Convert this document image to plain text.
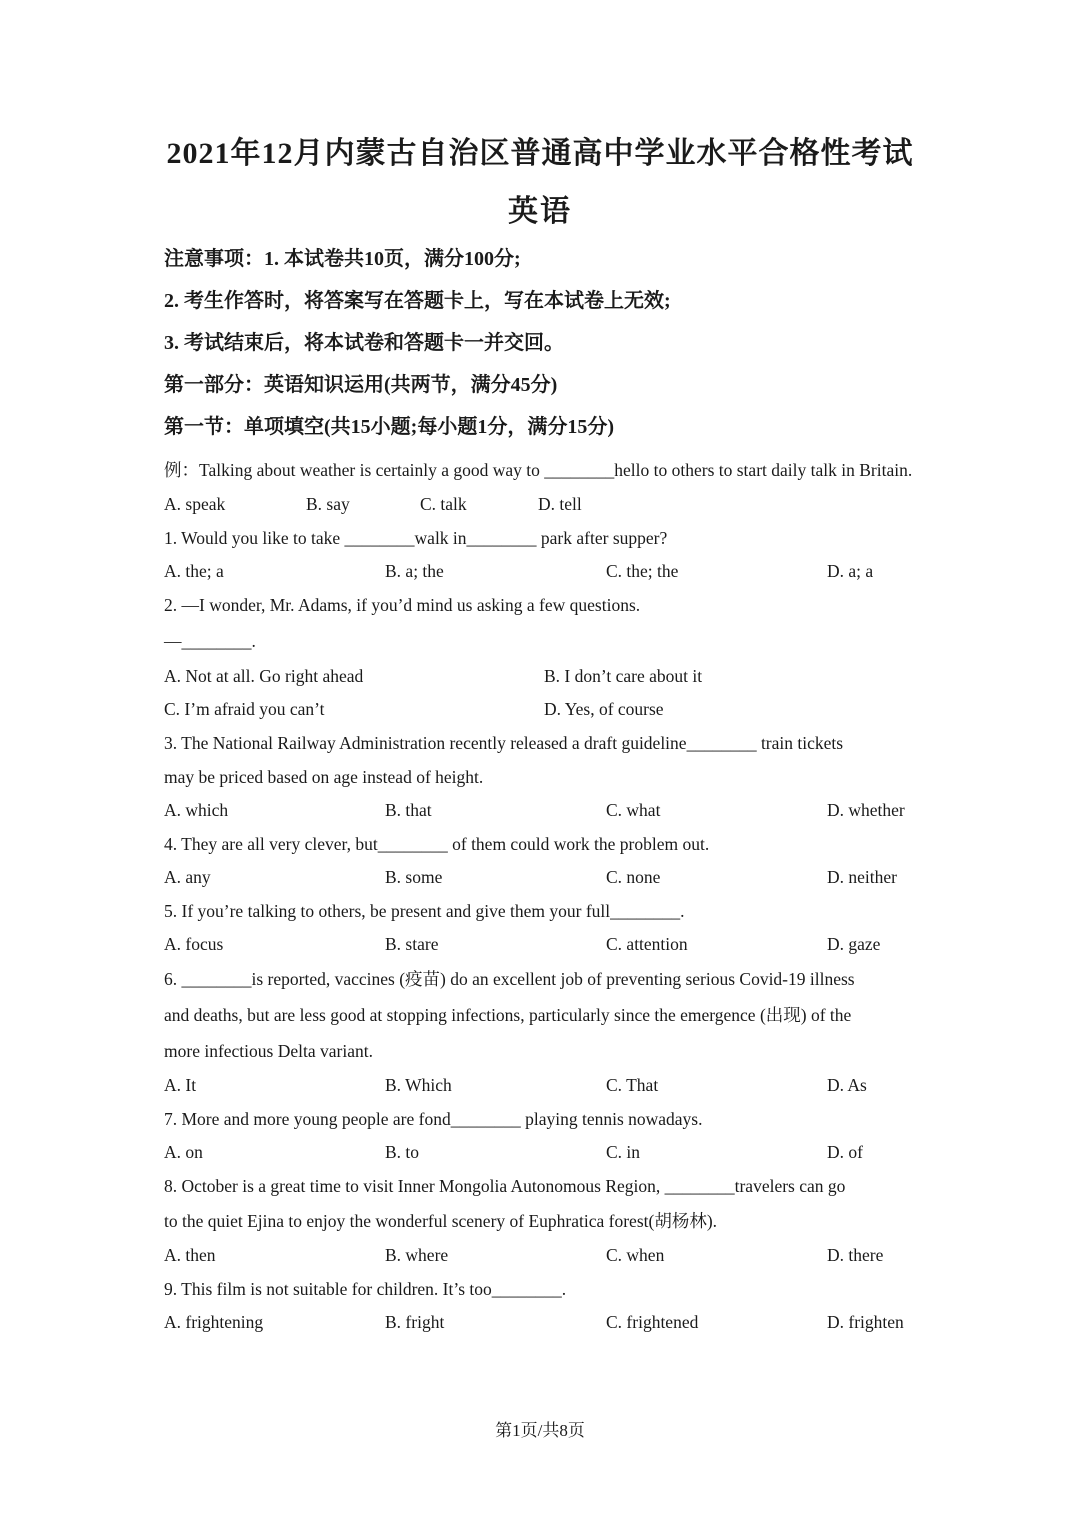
2021年12月内蒙古自治区普通高中学业水平合格性考试
英语
注意事项：1. 本试卷共10页，满分100分;
2. 考生作答时，将答案写在答题卡上，写在本试卷上无效;
3. 考试结束后，将本试卷和答题卡一并交回。
第一部分：英语知识运用(共两节，满分45分)
第一节：单项填空(共15小题;每小题1分，满分15分)
例：Talking about weather is certainly a good way to ________hello to others to start daily talk in Britain.
A. speak	B. say	C. talk	D. tell
1. Would you like to take ________walk in________ park after supper?
A. the; a	B. a; the	C. the; the	D. a; a
2. —I wonder, Mr. Adams, if you’d mind us asking a few questions.
—________.
A. Not at all. Go right ahead	B. I don’t care about it
C. I’m afraid you can’t	D. Yes, of course
3. The National Railway Administration recently released a draft guideline________ train tickets
may be priced based on age instead of height.
A. which	B. that	C. what	D. whether
4. They are all very clever, but________ of them could work the problem out.
A. any	B. some	C. none	D. neither
5. If you’re talking to others, be present and give them your full________.
A. focus	B. stare	C. attention	D. gaze
6. ________is reported, vaccines (疫苗) do an excellent job of preventing serious Covid-19 illness
and deaths, but are less good at stopping infections, particularly since the emergence (出现) of the
more infectious Delta variant.
A. It	B. Which	C. That	D. As
7. More and more young people are fond________ playing tennis nowadays.
A. on	B. to	C. in	D. of
8. October is a great time to visit Inner Mongolia Autonomous Region, ________travelers can go
to the quiet Ejina to enjoy the wonderful scenery of Euphratica forest(胡杨林).
A. then	B. where	C. when	D. there
9. This film is not suitable for children. It’s too________.
A. frightening	B. fright	C. frightened	D. frighten
第1页/共8页
